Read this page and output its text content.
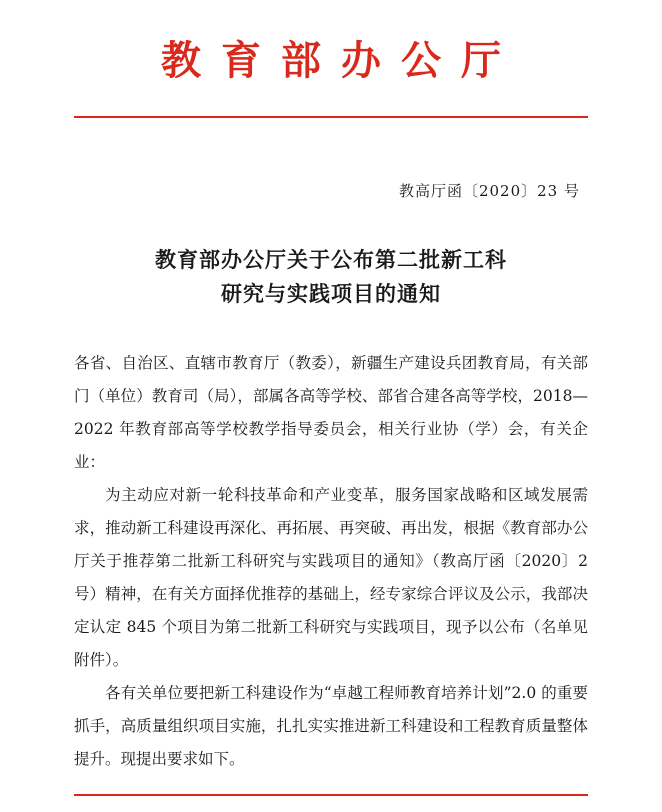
教育部办公厅
教高厅函〔2020〕23 号
教育部办公厅关于公布第二批新工科
研究与实践项目的通知

各省、自治区、直辖市教育厅（教委），新疆生产建设兵团教育局，有关部门（单位）教育司（局），部属各高等学校、部省合建各高等学校，2018—2022 年教育部高等学校教学指导委员会，相关行业协（学）会，有关企业：

为主动应对新一轮科技革命和产业变革，服务国家战略和区域发展需求，推动新工科建设再深化、再拓展、再突破、再出发，根据《教育部办公厅关于推荐第二批新工科研究与实践项目的通知》（教高厅函〔2020〕2 号）精神，在有关方面择优推荐的基础上，经专家综合评议及公示，我部决定认定 845 个项目为第二批新工科研究与实践项目，现予以公布（名单见附件）。

各有关单位要把新工科建设作为“卓越工程师教育培养计划”2.0 的重要抓手，高质量组织项目实施，扎扎实实推进新工科建设和工程教育质量整体提升。现提出要求如下。
